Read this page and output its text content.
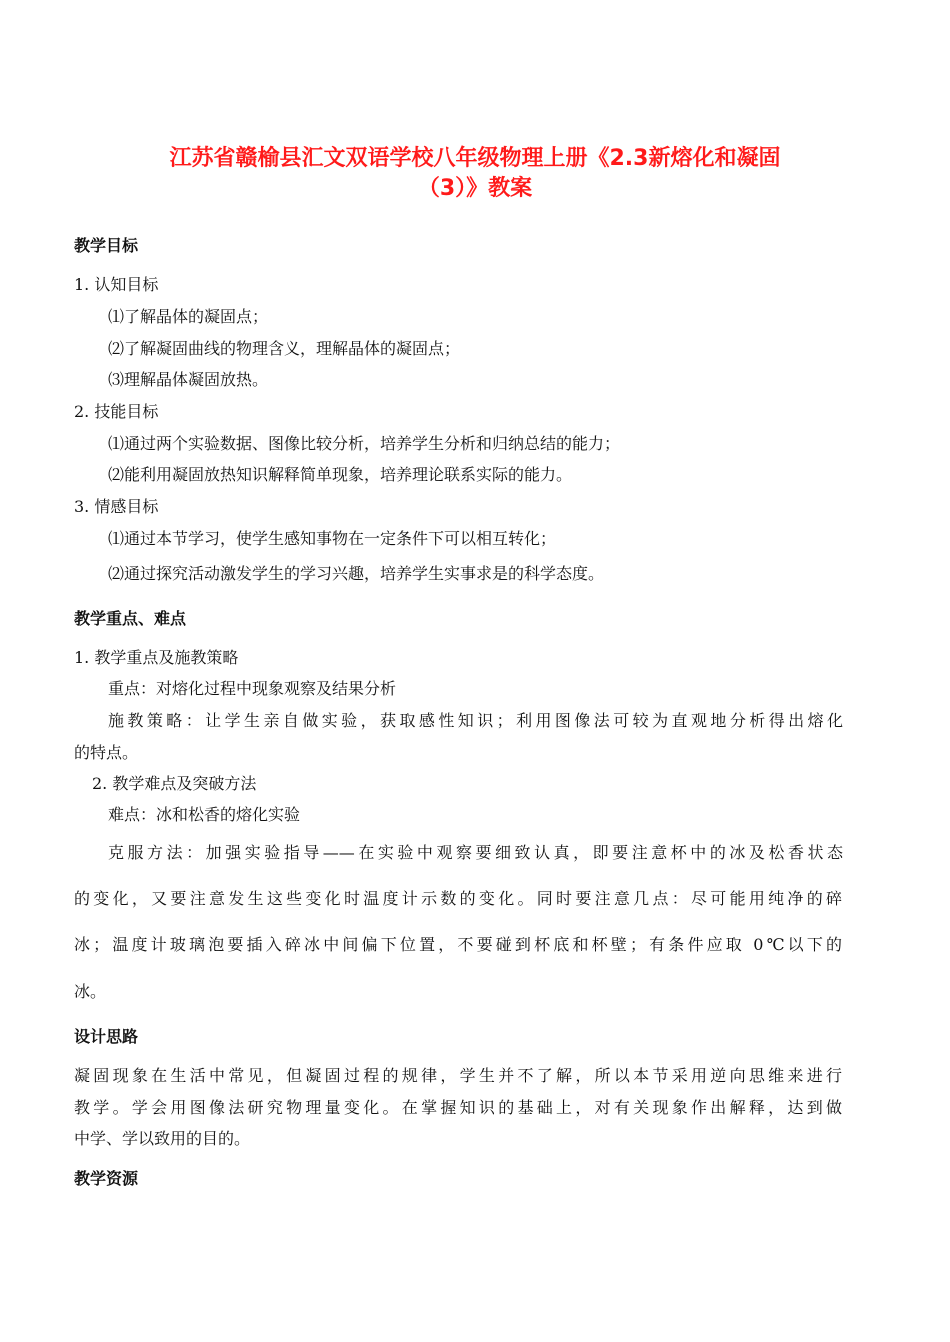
江苏省赣榆县汇文双语学校八年级物理上册《2.3新熔化和凝固
（3）》教案
教学目标
1. 认知目标
⑴了解晶体的凝固点；
⑵了解凝固曲线的物理含义，理解晶体的凝固点；
⑶理解晶体凝固放热。
2. 技能目标
⑴通过两个实验数据、图像比较分析，培养学生分析和归纳总结的能力；
⑵能利用凝固放热知识解释简单现象，培养理论联系实际的能力。
3. 情感目标
⑴通过本节学习，使学生感知事物在一定条件下可以相互转化；
⑵通过探究活动激发学生的学习兴趣，培养学生实事求是的科学态度。
教学重点、难点
1. 教学重点及施教策略
重点：对熔化过程中现象观察及结果分析
施教策略：让学生亲自做实验，获取感性知识；利用图像法可较为直观地分析得出熔化
的特点。
2. 教学难点及突破方法
难点：冰和松香的熔化实验
克服方法：加强实验指导——在实验中观察要细致认真，即要注意杯中的冰及松香状态
的变化，又要注意发生这些变化时温度计示数的变化。同时要注意几点：尽可能用纯净的碎
冰；温度计玻璃泡要插入碎冰中间偏下位置，不要碰到杯底和杯壁；有条件应取 0℃以下的
冰。
设计思路
凝固现象在生活中常见，但凝固过程的规律，学生并不了解，所以本节采用逆向思维来进行
教学。学会用图像法研究物理量变化。在掌握知识的基础上，对有关现象作出解释，达到做
中学、学以致用的目的。
教学资源
